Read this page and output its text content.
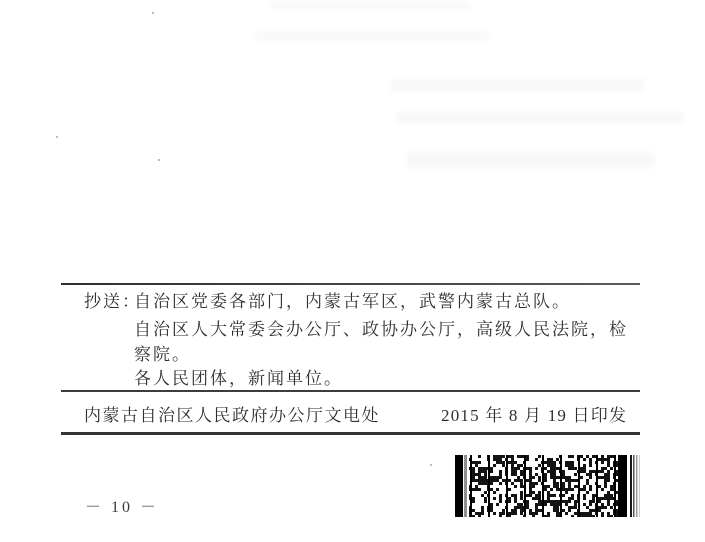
抄送：
自治区党委各部门，内蒙古军区，武警内蒙古总队。
自治区人大常委会办公厅、政协办公厅，高级人民法院，检
察院。
各人民团体，新闻单位。
内蒙古自治区人民政府办公厅文电处	2015 年 8 月 19 日印发
－ 10 －
